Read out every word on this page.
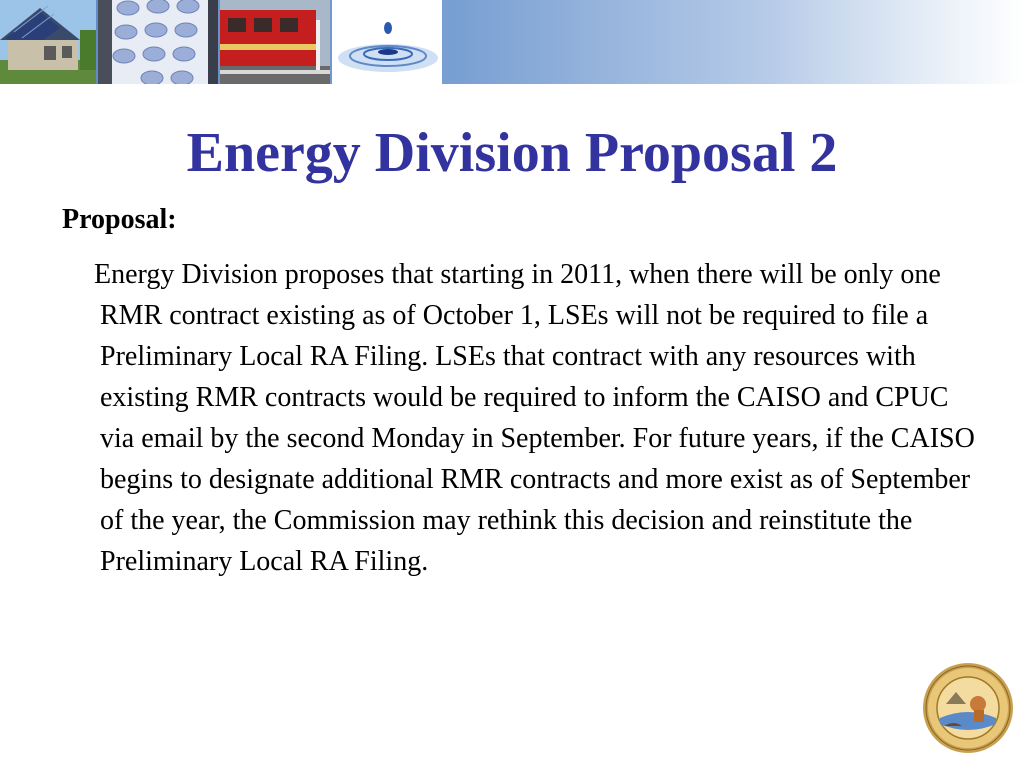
Energy Division Proposal 2
Proposal:
Energy Division proposes that starting in 2011, when there will be only one RMR contract existing as of October 1, LSEs will not be required to file a Preliminary Local RA Filing. LSEs that contract with any resources with existing RMR contracts would be required to inform the CAISO and CPUC via email by the second Monday in September. For future years, if the CAISO begins to designate additional RMR contracts and more exist as of September of the year, the Commission may rethink this decision and reinstitute the Preliminary Local RA Filing.
